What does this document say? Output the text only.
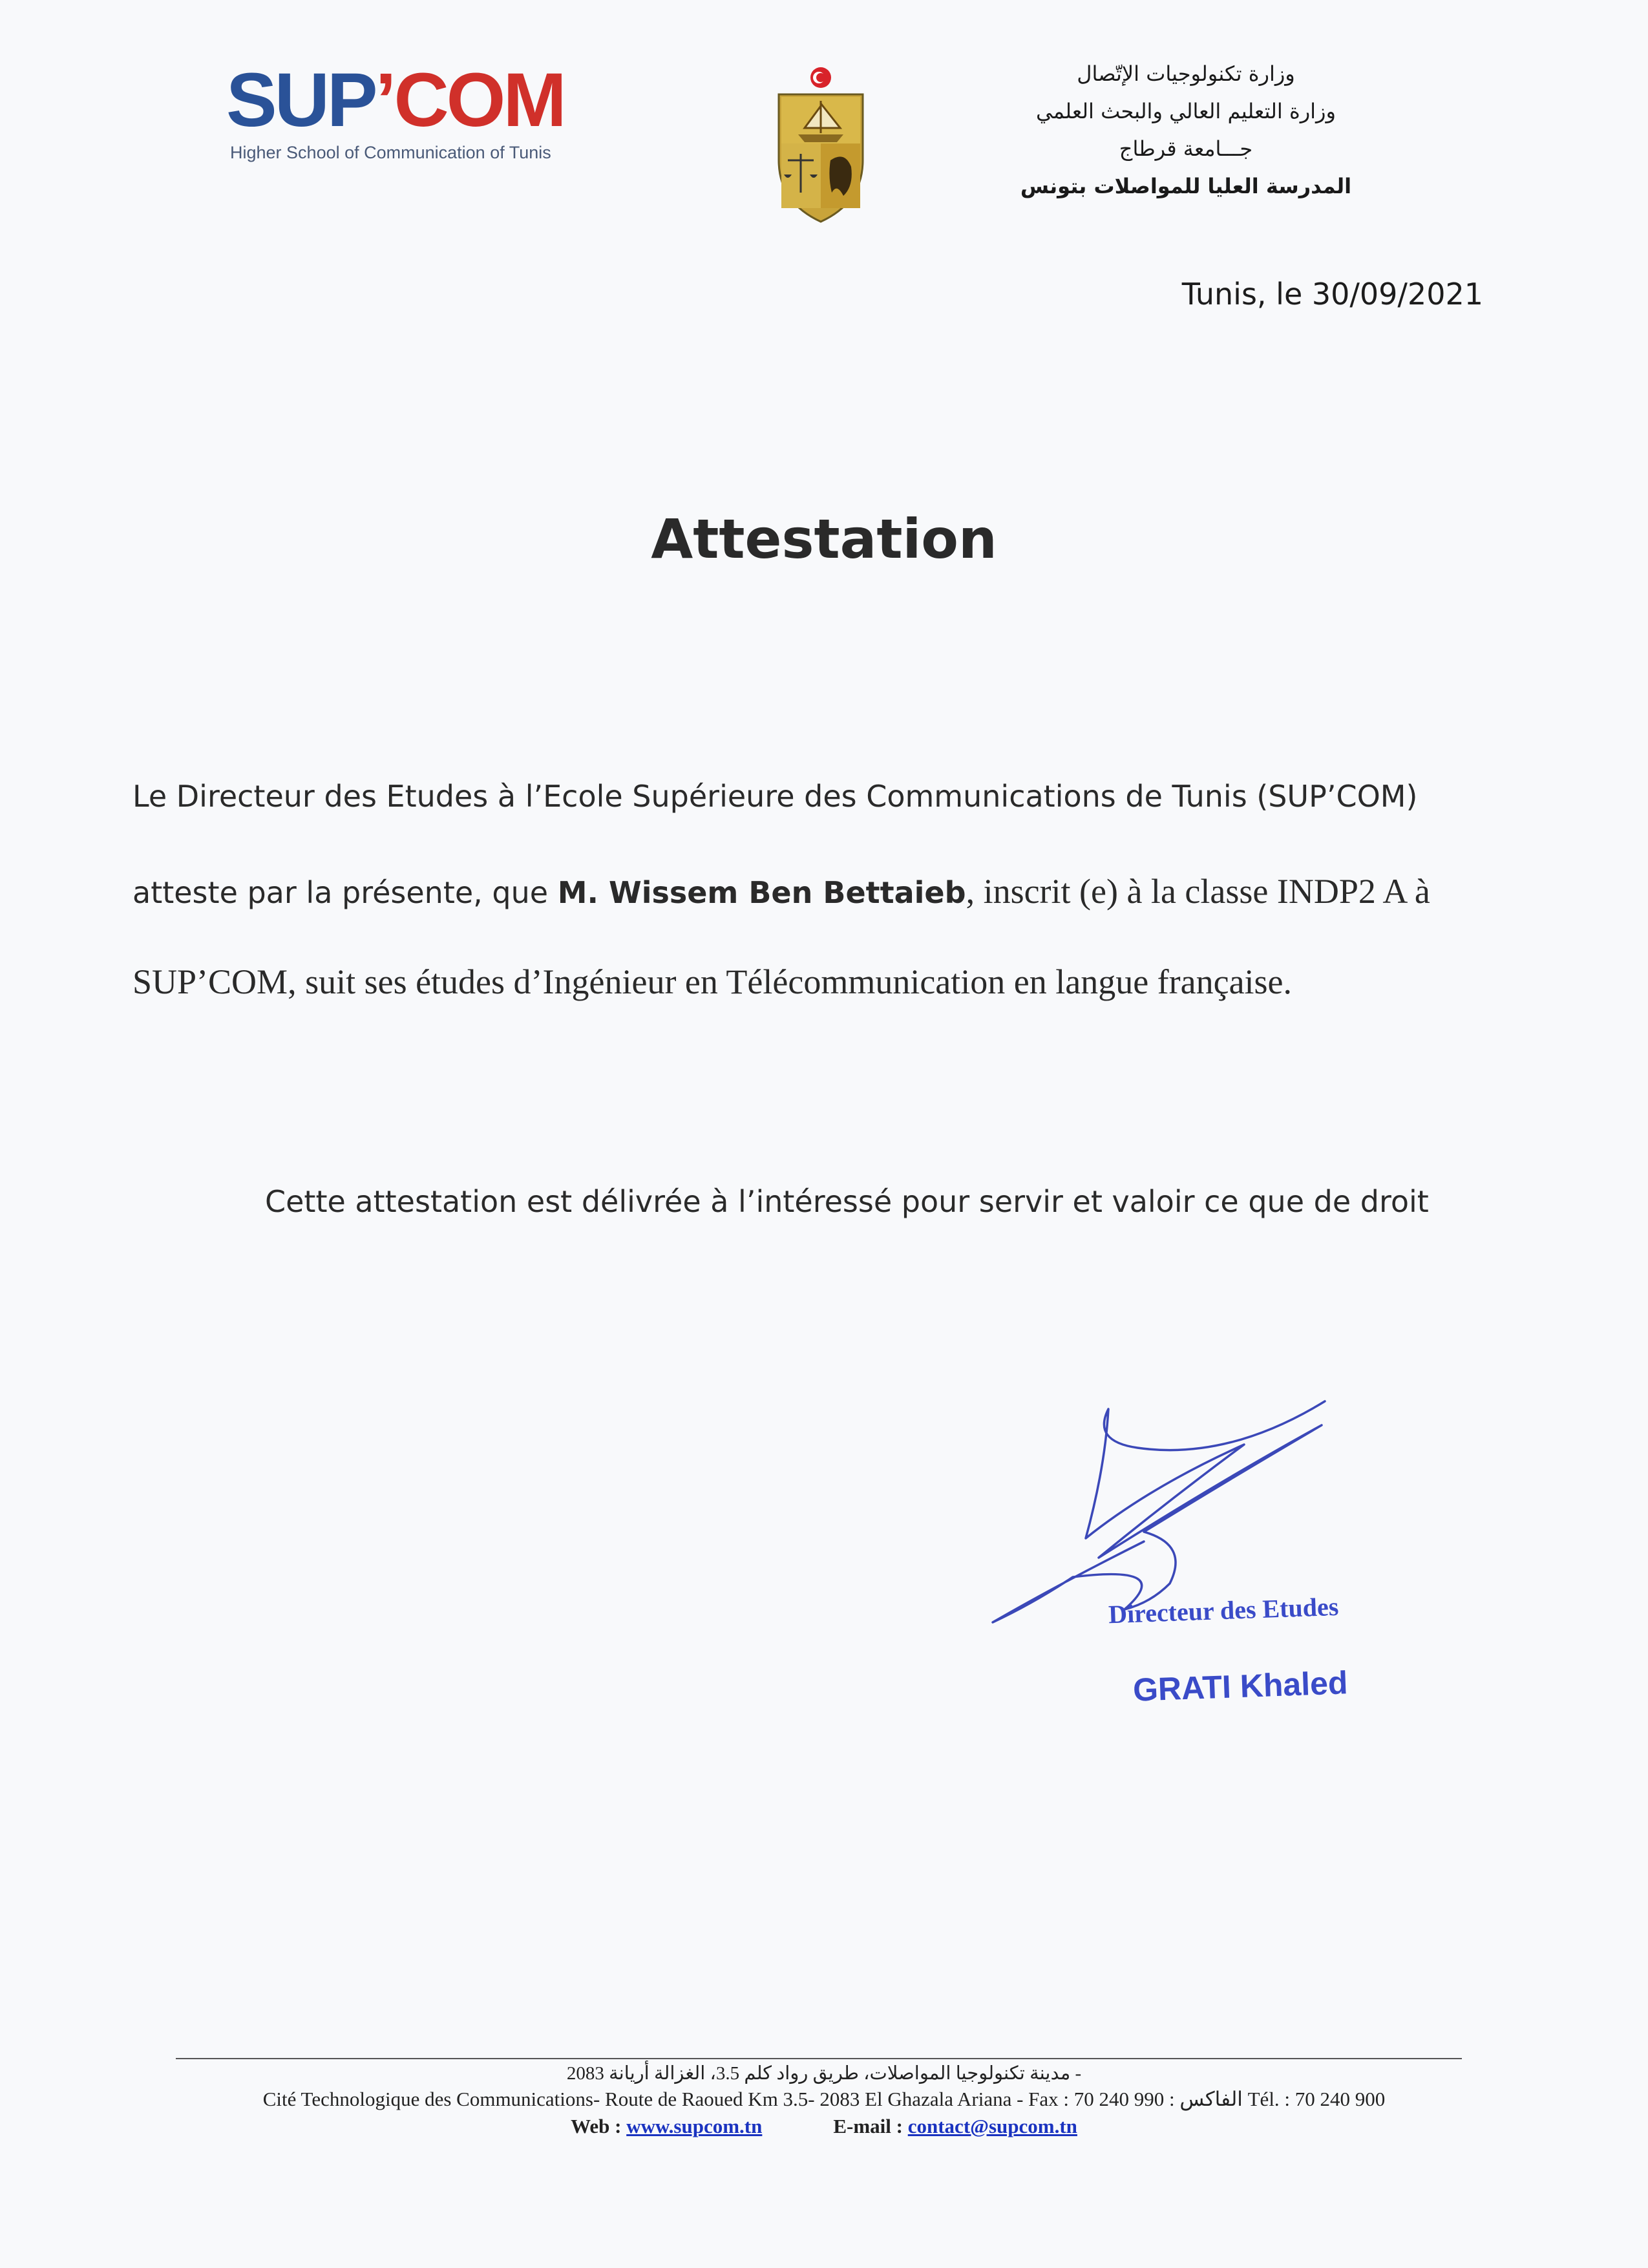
SUP’COM
Higher School of Communication of Tunis
وزارة تكنولوجيات الإتّصال
وزارة التعليم العالي والبحث العلمي
جـــامعة قرطاج
المدرسة العليا للمواصلات بتونس
Tunis, le 30/09/2021
Attestation
Le Directeur des Etudes à l’Ecole Supérieure des Communications de Tunis (SUP’COM)
atteste par la présente, que M. Wissem Ben Bettaieb, inscrit (e) à la classe INDP2 A à
SUP’COM, suit ses études d’Ingénieur en Télécommunication en langue française.
Cette attestation est délivrée à l’intéressé pour servir et valoir ce que de droit
Directeur des Etudes
GRATI Khaled
- مدينة تكنولوجيا المواصلات، طريق رواد كلم 3.5، الغزالة أريانة 2083
Cité Technologique des Communications- Route de Raoued Km 3.5- 2083 El Ghazala Ariana - Fax : 70 240 990 : الفاكس Tél. : 70 240 900
Web : www.supcom.tn	E-mail : contact@supcom.tn
